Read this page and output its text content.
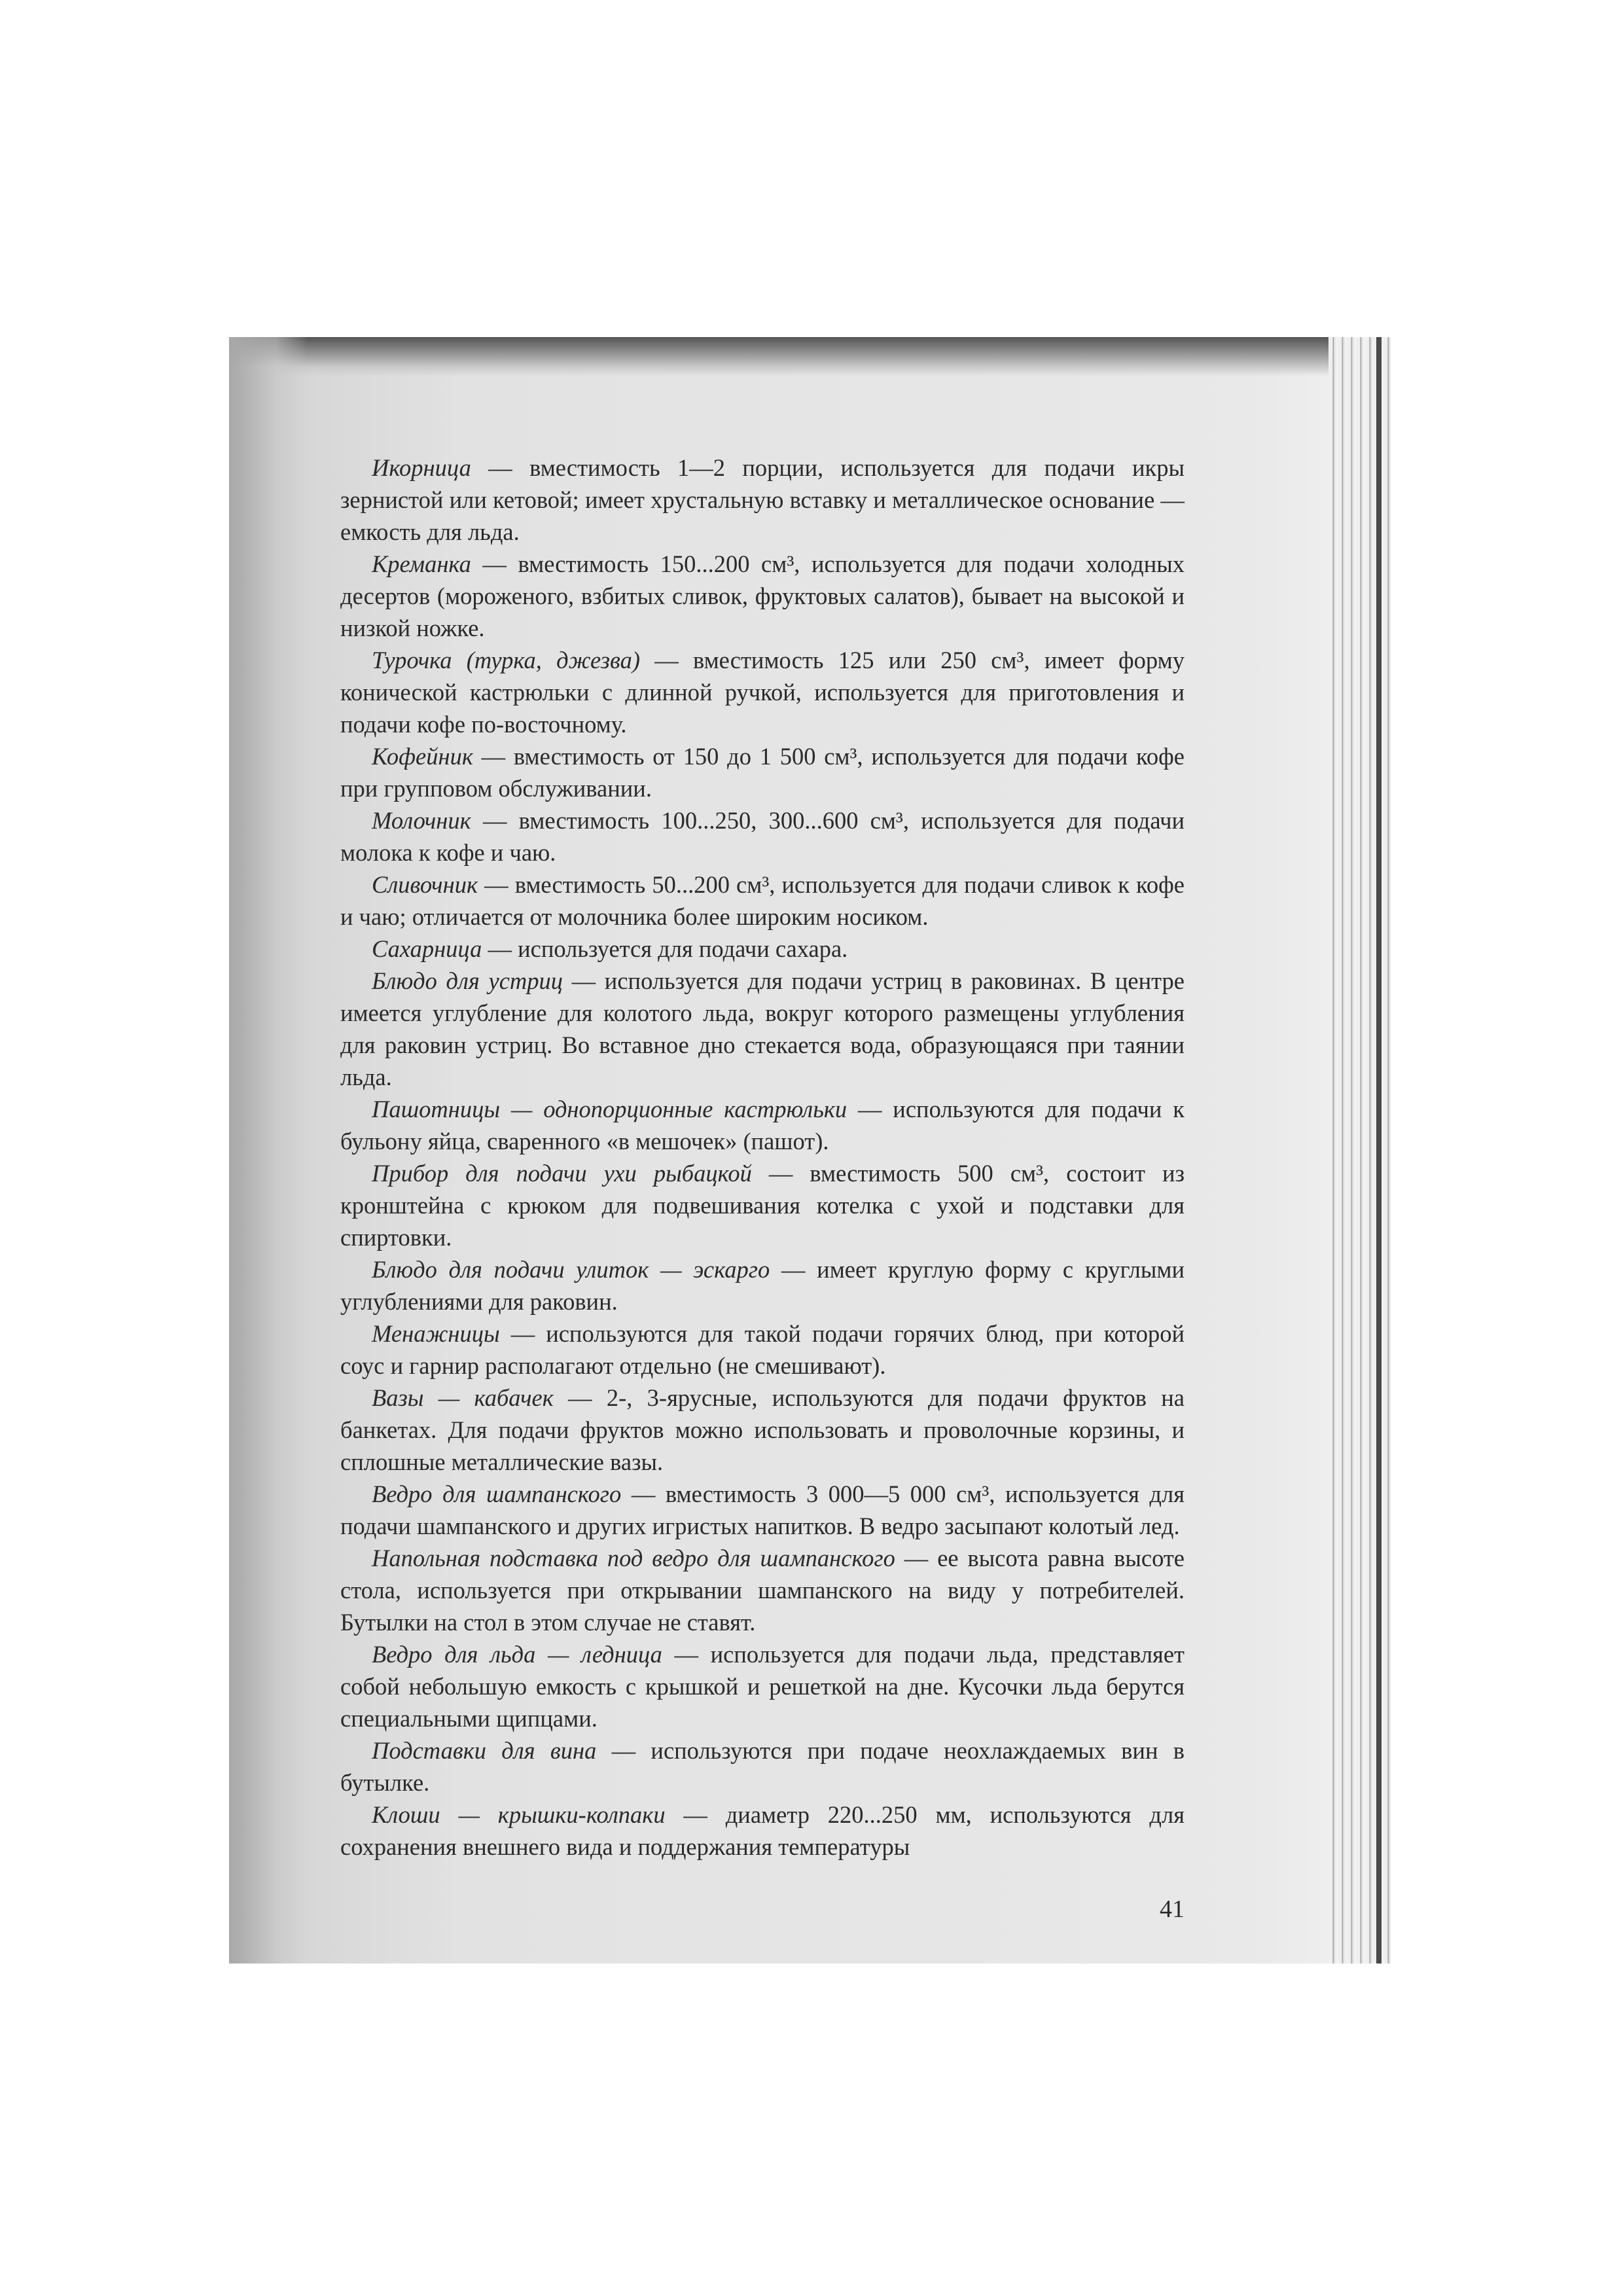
Икорница — вместимость 1—2 порции, используется для подачи икры зернистой или кетовой; имеет хрустальную вставку и металлическое основание — емкость для льда.

Креманка — вместимость 150...200 см³, используется для подачи холодных десертов (мороженого, взбитых сливок, фруктовых салатов), бывает на высокой и низкой ножке.

Турочка (турка, джезва) — вместимость 125 или 250 см³, имеет форму конической кастрюльки с длинной ручкой, используется для приготовления и подачи кофе по-восточному.

Кофейник — вместимость от 150 до 1 500 см³, используется для подачи кофе при групповом обслуживании.

Молочник — вместимость 100...250, 300...600 см³, используется для подачи молока к кофе и чаю.

Сливочник — вместимость 50...200 см³, используется для подачи сливок к кофе и чаю; отличается от молочника более широким носиком.

Сахарница — используется для подачи сахара.

Блюдо для устриц — используется для подачи устриц в раковинах. В центре имеется углубление для колотого льда, вокруг которого размещены углубления для раковин устриц. Во вставное дно стекается вода, образующаяся при таянии льда.

Пашотницы — однопорционные кастрюльки — используются для подачи к бульону яйца, сваренного «в мешочек» (пашот).

Прибор для подачи ухи рыбацкой — вместимость 500 см³, состоит из кронштейна с крюком для подвешивания котелка с ухой и подставки для спиртовки.

Блюдо для подачи улиток — эскарго — имеет круглую форму с круглыми углублениями для раковин.

Менажницы — используются для такой подачи горячих блюд, при которой соус и гарнир располагают отдельно (не смешивают).

Вазы — кабачек — 2-, 3-ярусные, используются для подачи фруктов на банкетах. Для подачи фруктов можно использовать и проволочные корзины, и сплошные металлические вазы.

Ведро для шампанского — вместимость 3 000—5 000 см³, используется для подачи шампанского и других игристых напитков. В ведро засыпают колотый лед.

Напольная подставка под ведро для шампанского — ее высота равна высоте стола, используется при открывании шампанского на виду у потребителей. Бутылки на стол в этом случае не ставят.

Ведро для льда — ледница — используется для подачи льда, представляет собой небольшую емкость с крышкой и решеткой на дне. Кусочки льда берутся специальными щипцами.

Подставки для вина — используются при подаче неохлаждаемых вин в бутылке.

Клоши — крышки-колпаки — диаметр 220...250 мм, используются для сохранения внешнего вида и поддержания температуры

41
